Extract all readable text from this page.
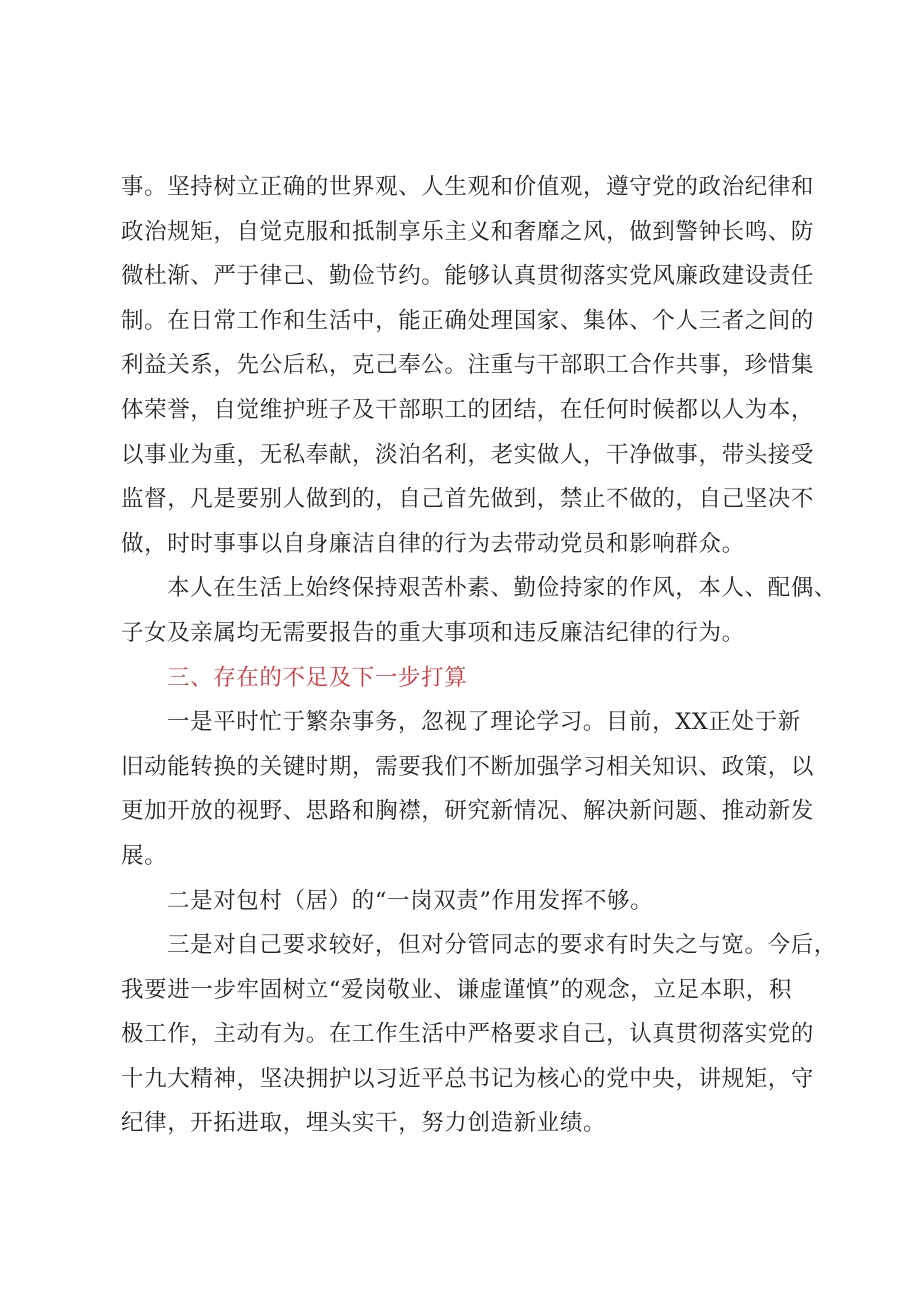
事。坚持树立正确的世界观、人生观和价值观，遵守党的政治纪律和
政治规矩，自觉克服和抵制享乐主义和奢靡之风，做到警钟长鸣、防
微杜渐、严于律己、勤俭节约。能够认真贯彻落实党风廉政建设责任
制。在日常工作和生活中，能正确处理国家、集体、个人三者之间的
利益关系，先公后私，克己奉公。注重与干部职工合作共事，珍惜集
体荣誉，自觉维护班子及干部职工的团结，在任何时候都以人为本，
以事业为重，无私奉献，淡泊名利，老实做人，干净做事，带头接受
监督，凡是要别人做到的，自己首先做到，禁止不做的，自己坚决不
做，时时事事以自身廉洁自律的行为去带动党员和影响群众。
本人在生活上始终保持艰苦朴素、勤俭持家的作风，本人、配偶、
子女及亲属均无需要报告的重大事项和违反廉洁纪律的行为。
三、存在的不足及下一步打算
一是平时忙于繁杂事务，忽视了理论学习。目前，XX正处于新
旧动能转换的关键时期，需要我们不断加强学习相关知识、政策，以
更加开放的视野、思路和胸襟，研究新情况、解决新问题、推动新发
展。
二是对包村（居）的“一岗双责”作用发挥不够。
三是对自己要求较好，但对分管同志的要求有时失之与宽。今后，
我要进一步牢固树立“爱岗敬业、谦虚谨慎”的观念，立足本职，积
极工作，主动有为。在工作生活中严格要求自己，认真贯彻落实党的
十九大精神，坚决拥护以习近平总书记为核心的党中央，讲规矩，守
纪律，开拓进取，埋头实干，努力创造新业绩。
